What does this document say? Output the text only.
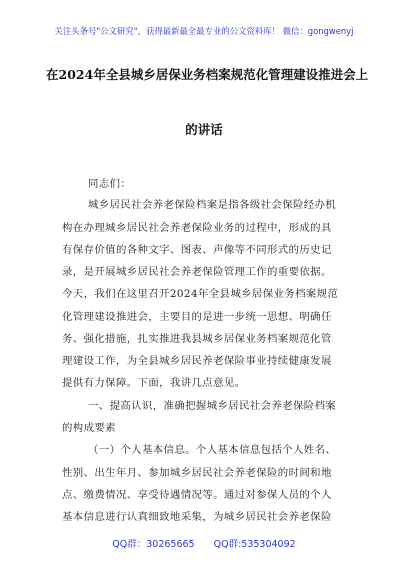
关注头条号"公文研究"，获得最新最全最专业的公文资料库！ 微信：gongwenyj
在2024年全县城乡居保业务档案规范化管理建设推进会上
的讲话
同志们：
城乡居民社会养老保险档案是指各级社会保险经办机
构在办理城乡居民社会养老保险业务的过程中，形成的具
有保存价值的各种文字、图表、声像等不同形式的历史记
录，是开展城乡居民社会养老保险管理工作的重要依据。
今天，我们在这里召开2024年全县城乡居保业务档案规范
化管理建设推进会，主要目的是进一步统一思想、明确任
务、强化措施，扎实推进我县城乡居保业务档案规范化管
理建设工作，为全县城乡居民养老保险事业持续健康发展
提供有力保障。下面，我讲几点意见。
一、提高认识，准确把握城乡居民社会养老保险档案
的构成要素
（一）个人基本信息。个人基本信息包括个人姓名、
性别、出生年月、参加城乡居民社会养老保险的时间和地
点、缴费情况、享受待遇情况等。通过对参保人员的个人
基本信息进行认真细致地采集，为城乡居民社会养老保险
QQ群：30265665 QQ群:535304092
